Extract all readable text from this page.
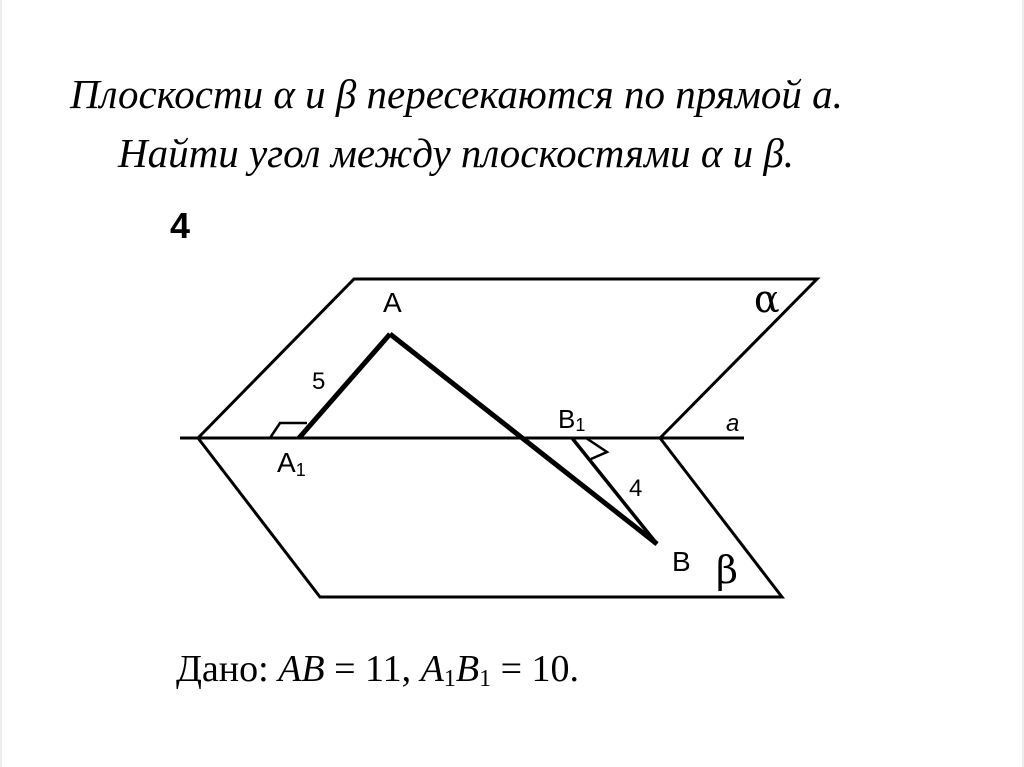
Плоскости α и β пересекаются по прямой a.
Найти угол между плоскостями α и β.
4
A
5
A1
B1
4
B
a
α
β
Дано: AB = 11, $A_1B_1 = 10$.
